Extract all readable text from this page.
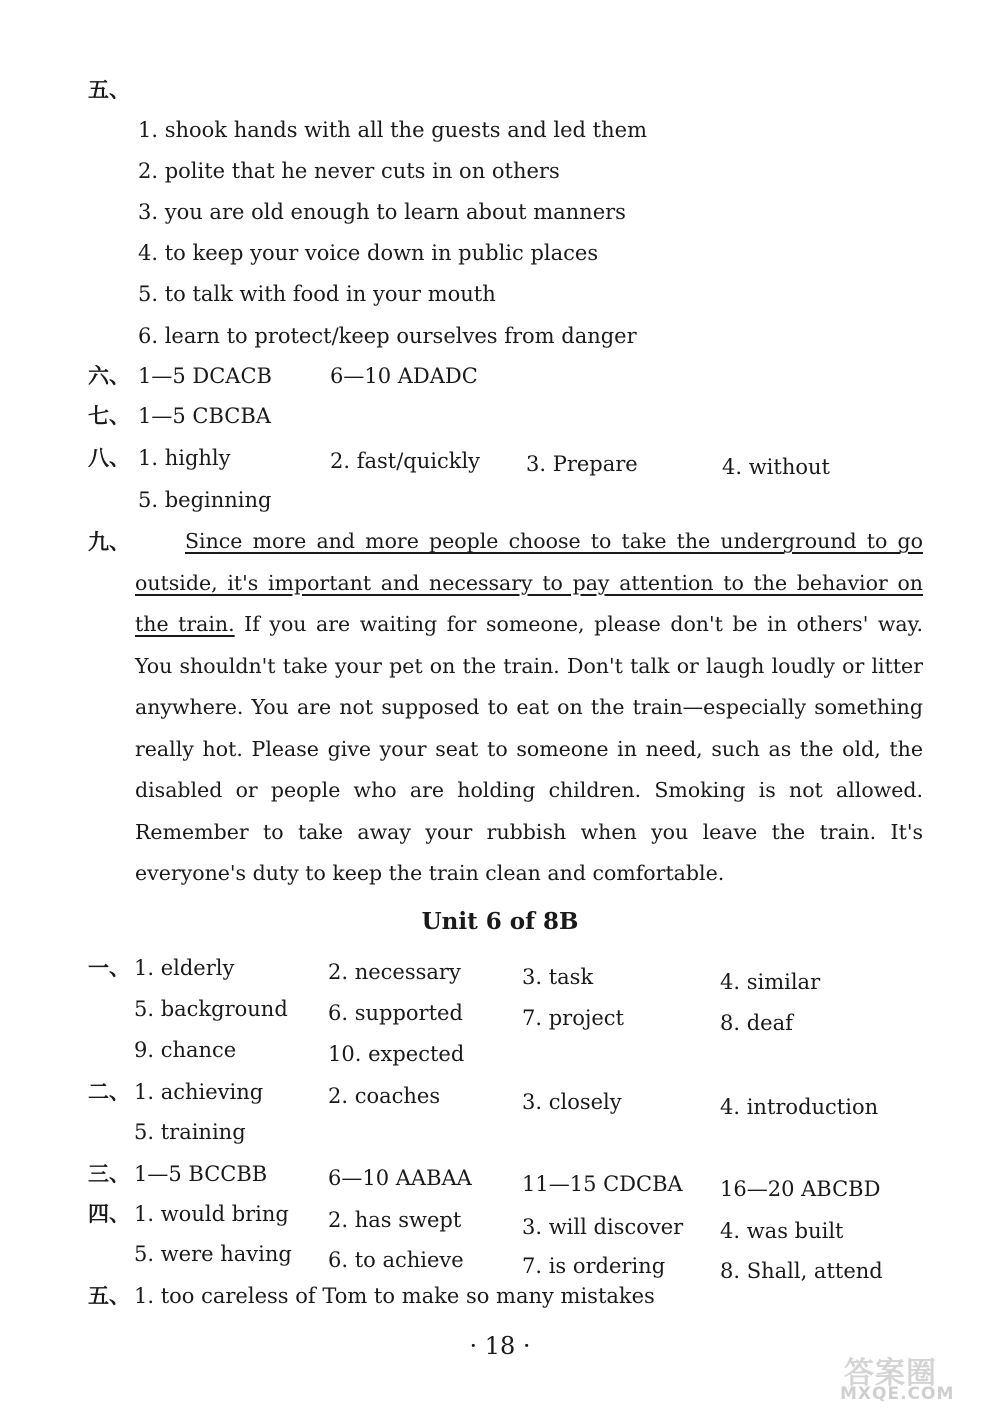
五、
1. shook hands with all the guests and led them
2. polite that he never cuts in on others
3. you are old enough to learn about manners
4. to keep your voice down in public places
5. to talk with food in your mouth
6. learn to protect/keep ourselves from danger
六、 1—5 DCACB	6—10 ADADC
七、 1—5 CBCBA
八、 1. highly	2. fast/quickly 3. Prepare	4. without
5. beginning
九、	Since more and more people choose to take the underground to go outside, it's important and necessary to pay attention to the behavior on the train. If you are waiting for someone, please don't be in others' way. You shouldn't take your pet on the train. Don't talk or laugh loudly or litter anywhere. You are not supposed to eat on the train—especially something really hot. Please give your seat to someone in need, such as the old, the disabled or people who are holding children. Smoking is not allowed. Remember to take away your rubbish when you leave the train. It's everyone's duty to keep the train clean and comfortable.
Unit 6 of 8B
一、 1. elderly	2. necessary	3. task	4. similar
5. background 6. supported	7. project	8. deaf
9. chance	10. expected
二、 1. achieving	2. coaches	3. closely	4. introduction
5. training
三、 1—5 BCCBB	6—10 AABAA 11—15 CDCBA 16—20 ABCBD
四、 1. would bring 2. has swept	3. will discover 4. was built
5. were having 6. to achieve	7. is ordering	8. Shall, attend
五、 1. too careless of Tom to make so many mistakes
· 18 ·
答案圈
MXQE.COM
